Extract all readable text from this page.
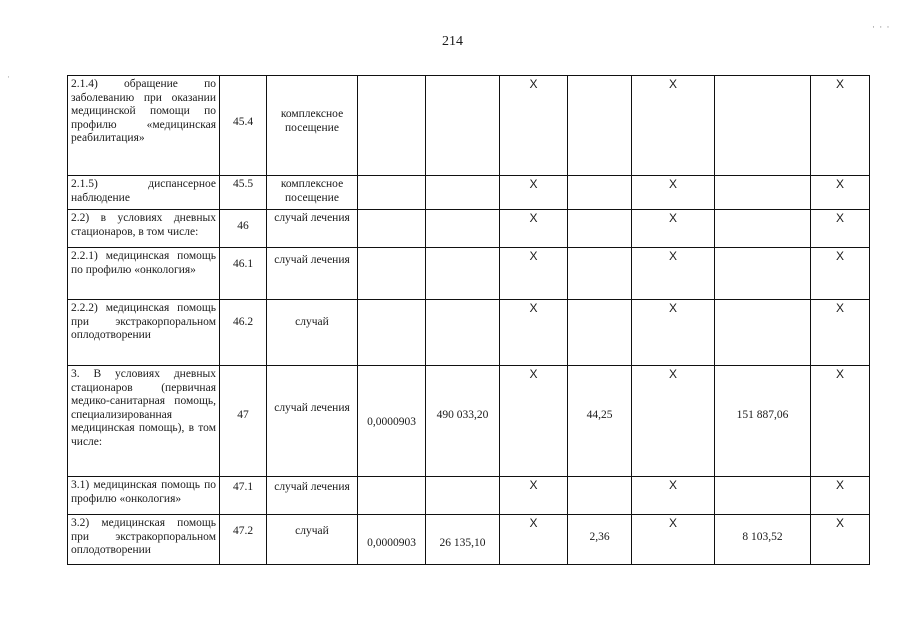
214
· · ·
·
2.1.4) обращение по заболеванию при оказании медицинской помощи по профилю «медицинская реабилитация»	45.4	комплексное посещение			X		X		X
2.1.5) диспансерное наблюдение	45.5	комплексное посещение			X		X		X
2.2) в условиях дневных стационаров, в том числе:	46	случай лечения			X		X		X
2.2.1) медицинская помощь по профилю «онкология»	46.1	случай лечения			X		X		X
2.2.2) медицинская помощь при экстракорпоральном оплодотворении	46.2	случай			X		X		X
3. В условиях дневных стационаров (первичная медико-санитарная помощь, специализированная медицинская помощь), в том числе:	47	случай лечения	0,0000903	490 033,20	X	44,25	X	151 887,06	X
3.1) медицинская помощь по профилю «онкология»	47.1	случай лечения			X		X		X
3.2) медицинская помощь при экстракорпоральном оплодотворении	47.2	случай	0,0000903	26 135,10	X	2,36	X	8 103,52	X
